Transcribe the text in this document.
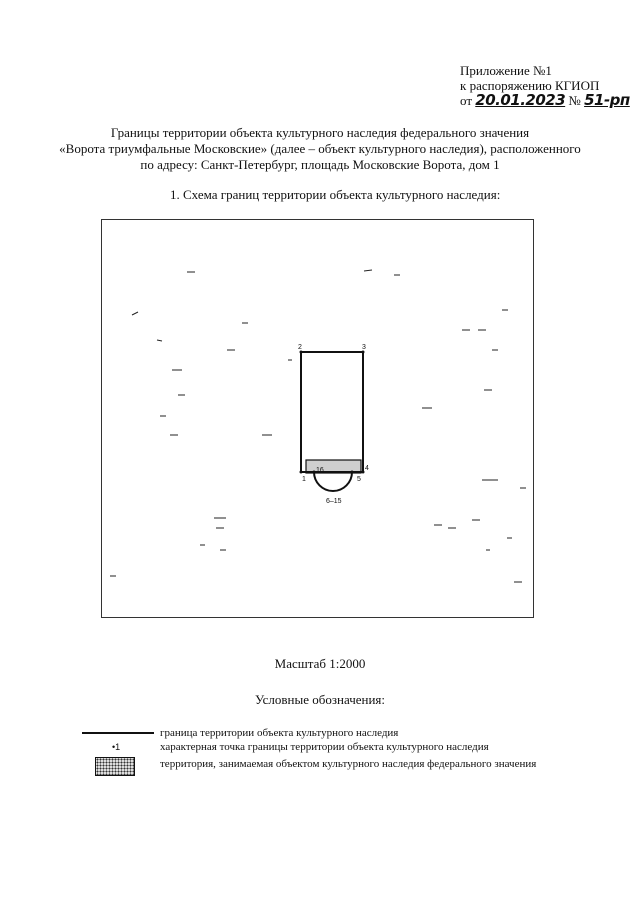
Приложение №1
к распоряжению КГИОП
от 20.01.2023 № 51-рп
Границы территории объекта культурного наследия федерального значения
«Ворота триумфальные Московские» (далее – объект культурного наследия), расположенного
по адресу: Санкт-Петербург, площадь Московские Ворота, дом 1
1. Схема границ территории объекта культурного наследия:
2	3
1
4
5
16
6–15
Масштаб 1:2000
Условные обозначения:
граница территории объекта культурного наследия
•1	характерная точка границы территории объекта культурного наследия
территория, занимаемая объектом культурного наследия федерального значения
